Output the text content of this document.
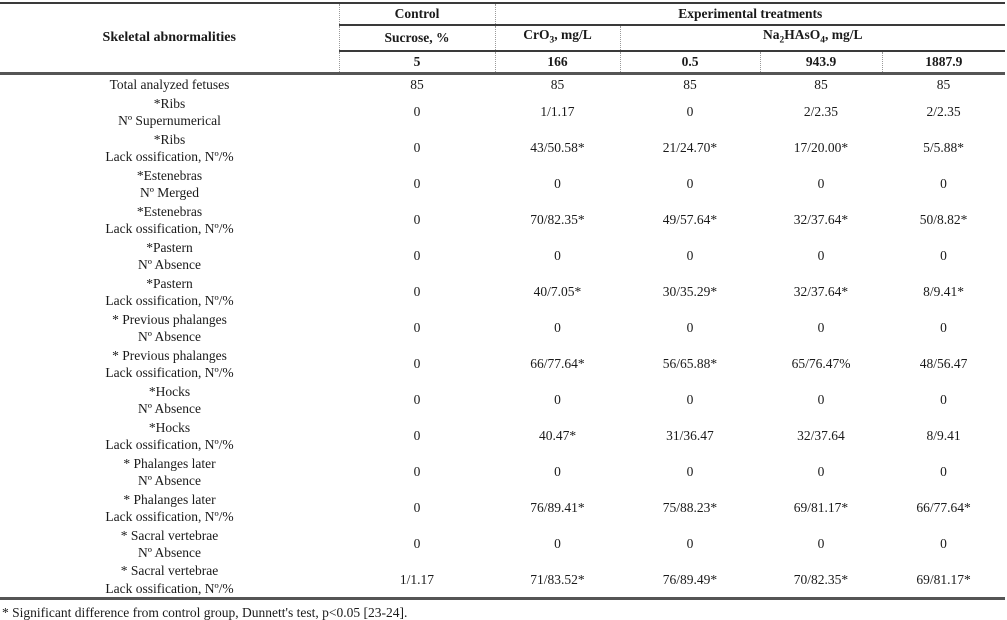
Skeletal abnormalities	Control	Experimental treatments			
	Sucrose, %	CrO$_3$, mg/L	$Na_2HAsO_4$, mg/L		
	5	166	0.5	943.9	1887.9

Total analyzed fetuses	85	85	85	85	85

*Ribs
Nº Supernumerical	0	1/1.17	0	2/2.35	2/2.35

*Ribs
Lack ossification, Nº/%	0	43/50.58*	21/24.70*	17/20.00*	5/5.88*

*Estenebras
Nº Merged	0	0	0	0	0

*Estenebras
Lack ossification, Nº/%	0	70/82.35*	49/57.64*	32/37.64*	50/8.82*

*Pastern
Nº Absence	0	0	0	0	0

*Pastern
Lack ossification, Nº/%	0	40/7.05*	30/35.29*	32/37.64*	8/9.41*

* Previous phalanges
Nº Absence	0	0	0	0	0

* Previous phalanges
Lack ossification, Nº/%	0	66/77.64*	56/65.88*	65/76.47%	48/56.47

*Hocks
Nº Absence	0	0	0	0	0

*Hocks
Lack ossification, Nº/%	0	40.47*	31/36.47	32/37.64	8/9.41

* Phalanges later
Nº Absence	0	0	0	0	0

* Phalanges later
Lack ossification, Nº/%	0	76/89.41*	75/88.23*	69/81.17*	66/77.64*

* Sacral vertebrae
Nº Absence	0	0	0	0	0

* Sacral vertebrae
Lack ossification, Nº/%	1/1.17	71/83.52*	76/89.49*	70/82.35*	69/81.17*
* Significant difference from control group, Dunnett's test, p<0.05 [23-24].
